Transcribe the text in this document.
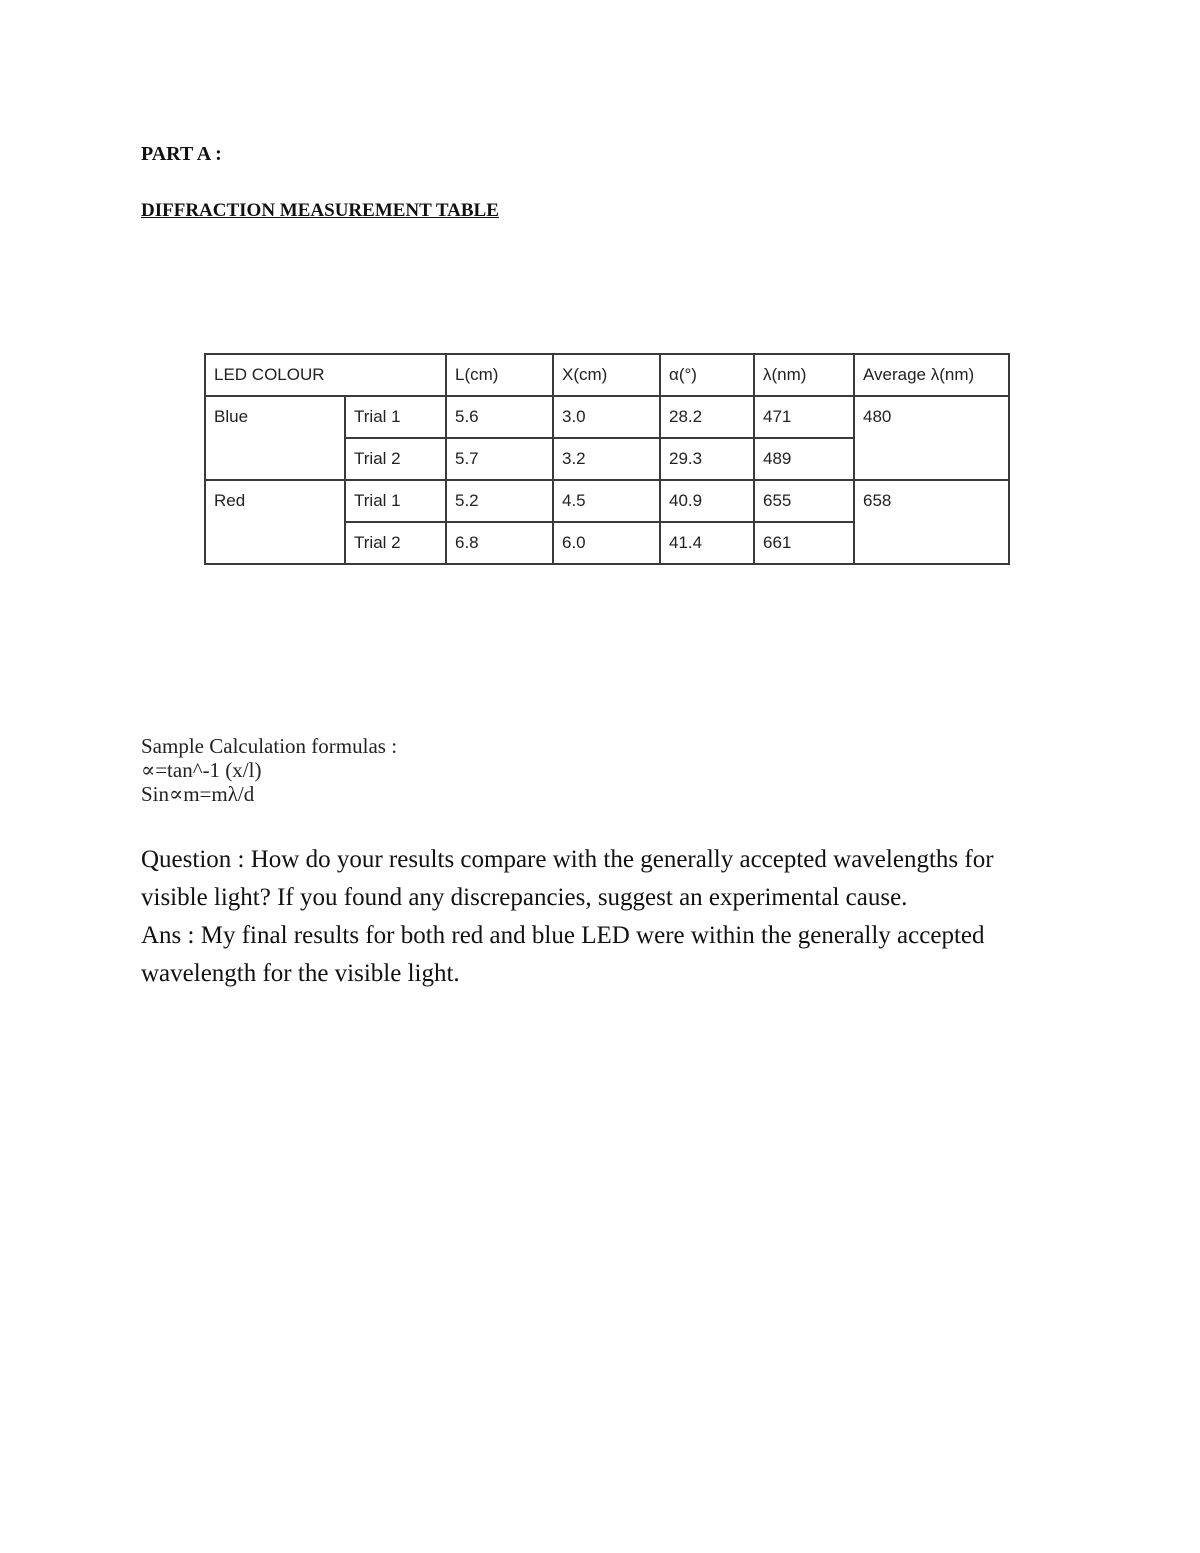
PART A :
DIFFRACTION MEASUREMENT TABLE
LED COLOUR		L(cm)	X(cm)	α(°)	λ(nm)	Average λ(nm)
Blue	Trial 1	5.6	3.0	28.2	471	480
	Trial 2	5.7	3.2	29.3	489	
Red	Trial 1	5.2	4.5	40.9	655	658
	Trial 2	6.8	6.0	41.4	661	
Sample Calculation formulas :
∝=tan^-1 (x/l)
Sin∝m=mλ/d

Question : How do your results compare with the generally accepted wavelengths for visible light? If you found any discrepancies, suggest an experimental cause.

Ans : My final results for both red and blue LED were within the generally accepted wavelength for the visible light.
